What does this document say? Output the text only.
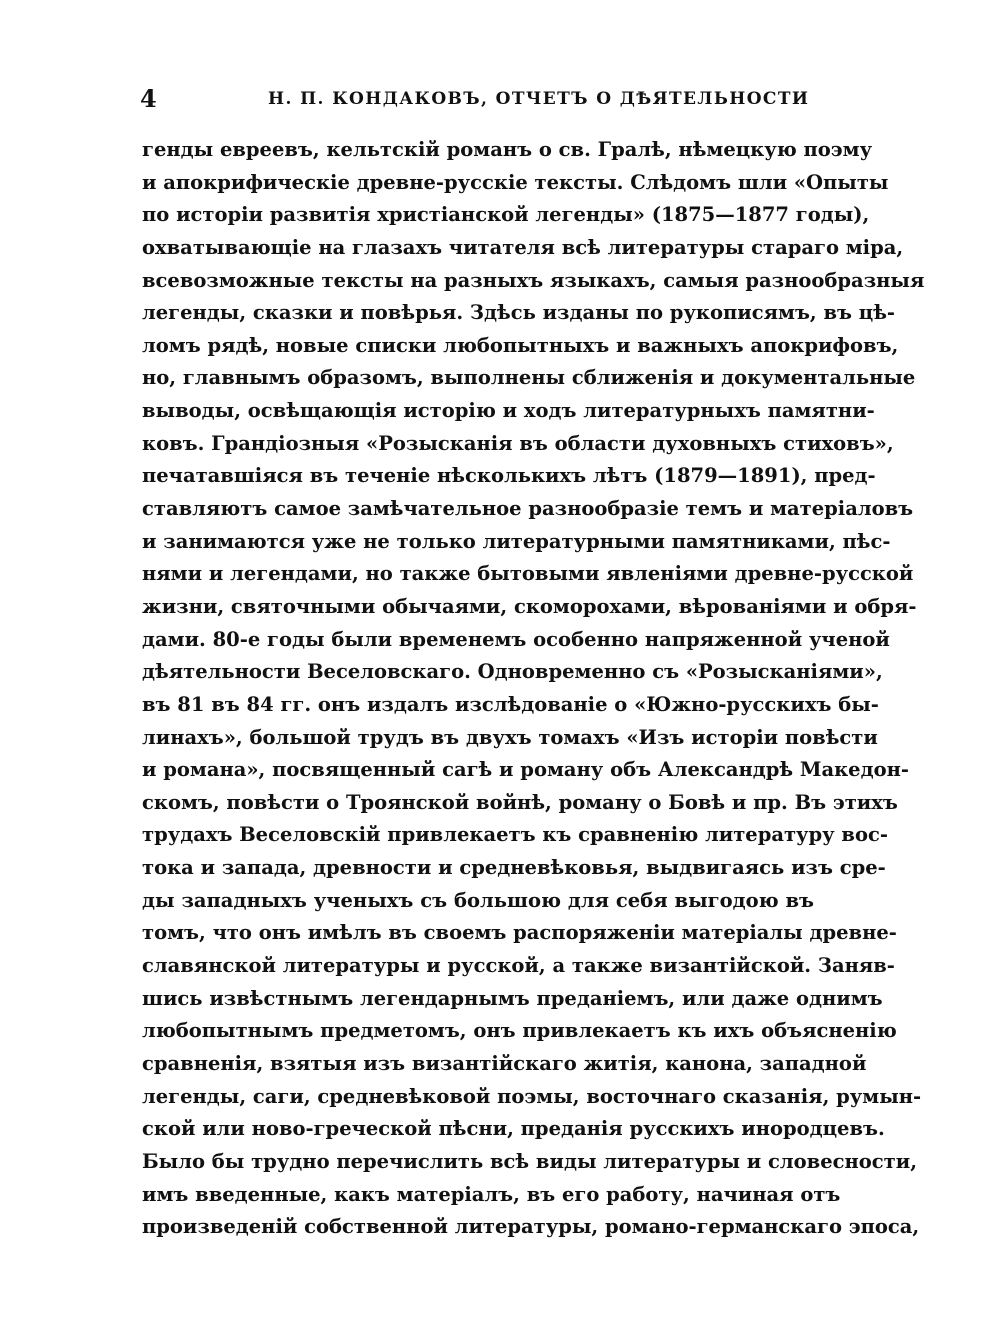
4	Н. П. КОНДАКОВЪ, ОТЧЕТЪ О ДѢЯТЕЛЬНОСТИ
генды евреевъ, кельтскій романъ о св. Гралѣ, нѣмецкую поэму
и апокрифическіе древне-русскіе тексты. Слѣдомъ шли «Опыты
по исторіи развитія христіанской легенды» (1875—1877 годы),
охватывающіе на глазахъ читателя всѣ литературы стараго міра,
всевозможные тексты на разныхъ языкахъ, самыя разнообразныя
легенды, сказки и повѣрья. Здѣсь изданы по рукописямъ, въ цѣ-
ломъ рядѣ, новые списки любопытныхъ и важныхъ апокрифовъ,
но, главнымъ образомъ, выполнены сближенія и документальные
выводы, освѣщающія исторію и ходъ литературныхъ памятни-
ковъ. Грандіозныя «Розысканія въ области духовныхъ стиховъ»,
печатавшіяся въ теченіе нѣсколькихъ лѣтъ (1879—1891), пред-
ставляютъ самое замѣчательное разнообразіе темъ и матеріаловъ
и занимаются уже не только литературными памятниками, пѣс-
нями и легендами, но также бытовыми явленіями древне-русской
жизни, святочными обычаями, скоморохами, вѣрованіями и обря-
дами. 80-е годы были временемъ особенно напряженной ученой
дѣятельности Веселовскаго. Одновременно съ «Розысканіями»,
въ 81 въ 84 гг. онъ издалъ изслѣдованіе о «Южно-русскихъ бы-
линахъ», большой трудъ въ двухъ томахъ «Изъ исторіи повѣсти
и романа», посвященный сагѣ и роману объ Александрѣ Македон-
скомъ, повѣсти о Троянской войнѣ, роману о Бовѣ и пр. Въ этихъ
трудахъ Веселовскій привлекаетъ къ сравненію литературу вос-
тока и запада, древности и средневѣковья, выдвигаясь изъ сре-
ды западныхъ ученыхъ съ большою для себя выгодою въ
томъ, что онъ имѣлъ въ своемъ распоряженіи матеріалы древне-
славянской литературы и русской, а также византійской. Заняв-
шись извѣстнымъ легендарнымъ преданіемъ, или даже однимъ
любопытнымъ предметомъ, онъ привлекаетъ къ ихъ объясненію
сравненія, взятыя изъ византійскаго житія, канона, западной
легенды, саги, средневѣковой поэмы, восточнаго сказанія, румын-
ской или ново-греческой пѣсни, преданія русскихъ инородцевъ.
Было бы трудно перечислить всѣ виды литературы и словесности,
имъ введенные, какъ матеріалъ, въ его работу, начиная отъ
произведеній собственной литературы, романо-германскаго эпоса,
